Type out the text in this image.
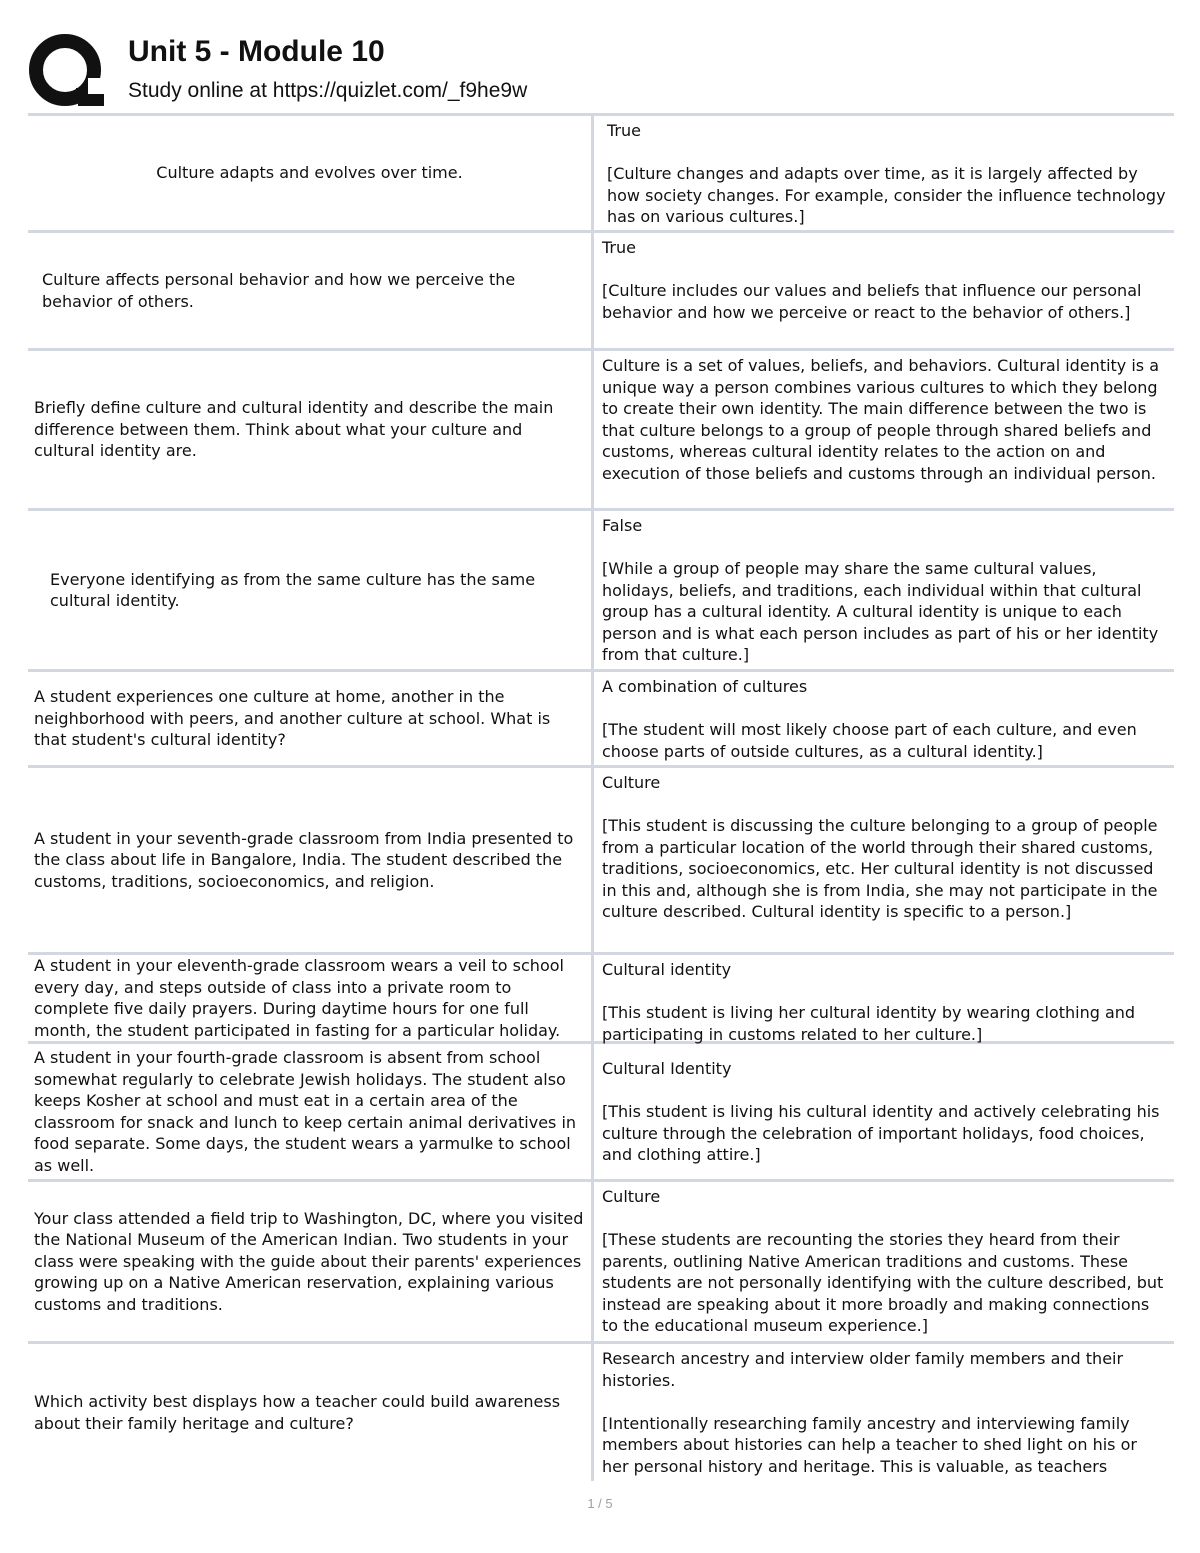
Unit 5 - Module 10
Study online at https://quizlet.com/_f9he9w
Culture adapts and evolves over time.
True
[Culture changes and adapts over time, as it is largely affected by how society changes. For example, consider the influence technology has on various cultures.]
Culture affects personal behavior and how we perceive the behavior of others.
True
[Culture includes our values and beliefs that influence our personal behavior and how we perceive or react to the behavior of others.]
Briefly define culture and cultural identity and describe the main difference between them. Think about what your culture and cultural identity are.
Culture is a set of values, beliefs, and behaviors. Cultural identity is a unique way a person combines various cultures to which they belong to create their own identity. The main difference between the two is that culture belongs to a group of people through shared beliefs and customs, whereas cultural identity relates to the action on and execution of those beliefs and customs through an individual person.
Everyone identifying as from the same culture has the same cultural identity.
False
[While a group of people may share the same cultural values, holidays, beliefs, and traditions, each individual within that cultural group has a cultural identity. A cultural identity is unique to each person and is what each person includes as part of his or her identity from that culture.]
A student experiences one culture at home, another in the neighborhood with peers, and another culture at school. What is that student's cultural identity?
A combination of cultures
[The student will most likely choose part of each culture, and even choose parts of outside cultures, as a cultural identity.]
A student in your seventh-grade classroom from India presented to the class about life in Bangalore, India. The student described the customs, traditions, socioeconomics, and religion.
Culture
[This student is discussing the culture belonging to a group of people from a particular location of the world through their shared customs, traditions, socioeconomics, etc. Her cultural identity is not discussed in this and, although she is from India, she may not participate in the culture described. Cultural identity is specific to a person.]
A student in your eleventh-grade classroom wears a veil to school every day, and steps outside of class into a private room to complete five daily prayers. During daytime hours for one full month, the student participated in fasting for a particular holiday.
Cultural identity
[This student is living her cultural identity by wearing clothing and participating in customs related to her culture.]
A student in your fourth-grade classroom is absent from school somewhat regularly to celebrate Jewish holidays. The student also keeps Kosher at school and must eat in a certain area of the classroom for snack and lunch to keep certain animal derivatives in food separate. Some days, the student wears a yarmulke to school as well.
Cultural Identity
[This student is living his cultural identity and actively celebrating his culture through the celebration of important holidays, food choices, and clothing attire.]
Your class attended a field trip to Washington, DC, where you visited the National Museum of the American Indian. Two students in your class were speaking with the guide about their parents' experiences growing up on a Native American reservation, explaining various customs and traditions.
Culture
[These students are recounting the stories they heard from their parents, outlining Native American traditions and customs. These students are not personally identifying with the culture described, but instead are speaking about it more broadly and making connections to the educational museum experience.]
Which activity best displays how a teacher could build awareness about their family heritage and culture?
Research ancestry and interview older family members and their histories.
[Intentionally researching family ancestry and interviewing family members about histories can help a teacher to shed light on his or her personal history and heritage. This is valuable, as teachers
1 / 5
